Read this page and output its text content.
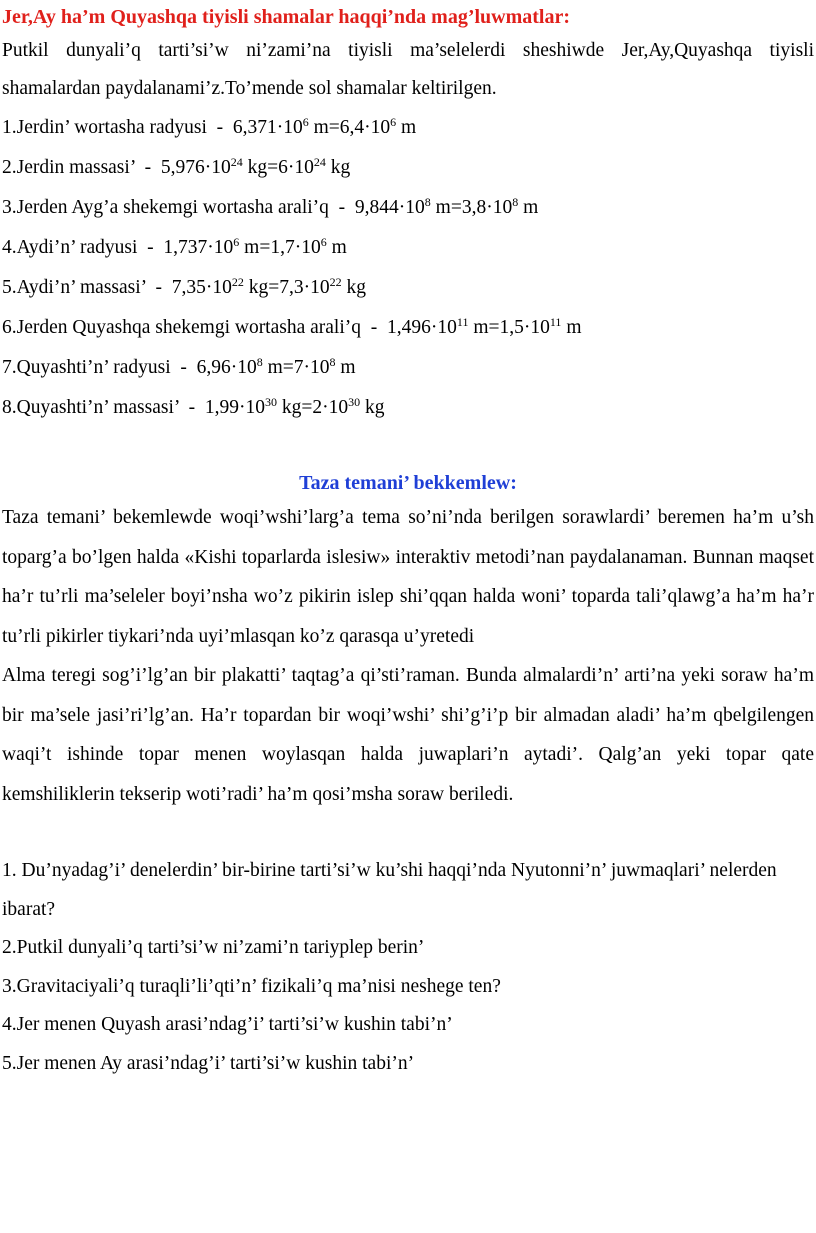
Jer,Ay ha’m Quyashqa tiyisli shamalar haqqi’nda mag’luwmatlar:

Putkil dunyali’q tarti’si’w ni’zami’na tiyisli ma’selelerdi sheshiwde Jer,Ay,Quyashqa tiyisli shamalardan paydalanami’z.To’mende sol shamalar keltirilgen.

1.Jerdin’ wortasha radyusi  -  $6,371\cdot 10^6$ $m=6,4\cdot 10^6$ m
2.Jerdin massasi’  -  $5,976\cdot 10^{24}$ $kg=6\cdot 10^{24}$ kg
3.Jerden Ayg’a shekemgi wortasha arali’q  -  $9,844\cdot 10^8$ $m=3,8\cdot 10^8$ m
4.Aydi’n’ radyusi  -  $1,737\cdot 10^6$ $m=1,7\cdot 10^6$ m
5.Aydi’n’ massasi’  -  $7,35\cdot 10^{22}$ $kg=7,3\cdot 10^{22}$ kg
6.Jerden Quyashqa shekemgi wortasha arali’q  -  $1,496\cdot 10^{11}$ $m=1,5\cdot 10^{11}$ m
7.Quyashti’n’ radyusi  -  $6,96\cdot 10^8$ $m=7\cdot 10^8$ m
8.Quyashti’n’ massasi’  -  $1,99\cdot 10^{30}$ $kg=2\cdot 10^{30}$ kg
Taza temani’ bekkemlew:

Taza temani’ bekemlewde woqi’wshi’larg’a tema so’ni’nda berilgen sorawlardi’ beremen ha’m u’sh toparg’a bo’lgen halda «Kishi toparlarda islesiw» interaktiv metodi’nan paydalanaman. Bunnan maqset ha’r tu’rli ma’seleler boyi’nsha wo’z pikirin islep shi’qqan halda woni’ toparda tali’qlawg’a ha’m ha’r tu’rli pikirler tiykari’nda uyi’mlasqan ko’z qarasqa u’yretedi

Alma teregi sog’i’lg’an bir plakatti’ taqtag’a qi’sti’raman. Bunda almalardi’n’ arti’na yeki soraw ha’m bir ma’sele jasi’ri’lg’an. Ha’r topardan bir woqi’wshi’ shi’g’i’p bir almadan aladi’ ha’m qbelgilengen waqi’t ishinde topar menen woylasqan halda juwaplari’n aytadi’. Qalg’an yeki topar qate kemshiliklerin tekserip woti’radi’ ha’m qosi’msha soraw beriledi.

1. Du’nyadag’i’ denelerdin’ bir-birine tarti’si’w ku’shi haqqi’nda Nyutonni’n’ juwmaqlari’ nelerden ibarat?

2.Putkil dunyali’q tarti’si’w ni’zami’n tariyplep berin’

3.Gravitaciyali’q turaqli’li’qti’n’ fizikali’q ma’nisi neshege ten?

4.Jer menen Quyash arasi’ndag’i’ tarti’si’w kushin tabi’n’

5.Jer menen Ay arasi’ndag’i’ tarti’si’w kushin tabi’n’
